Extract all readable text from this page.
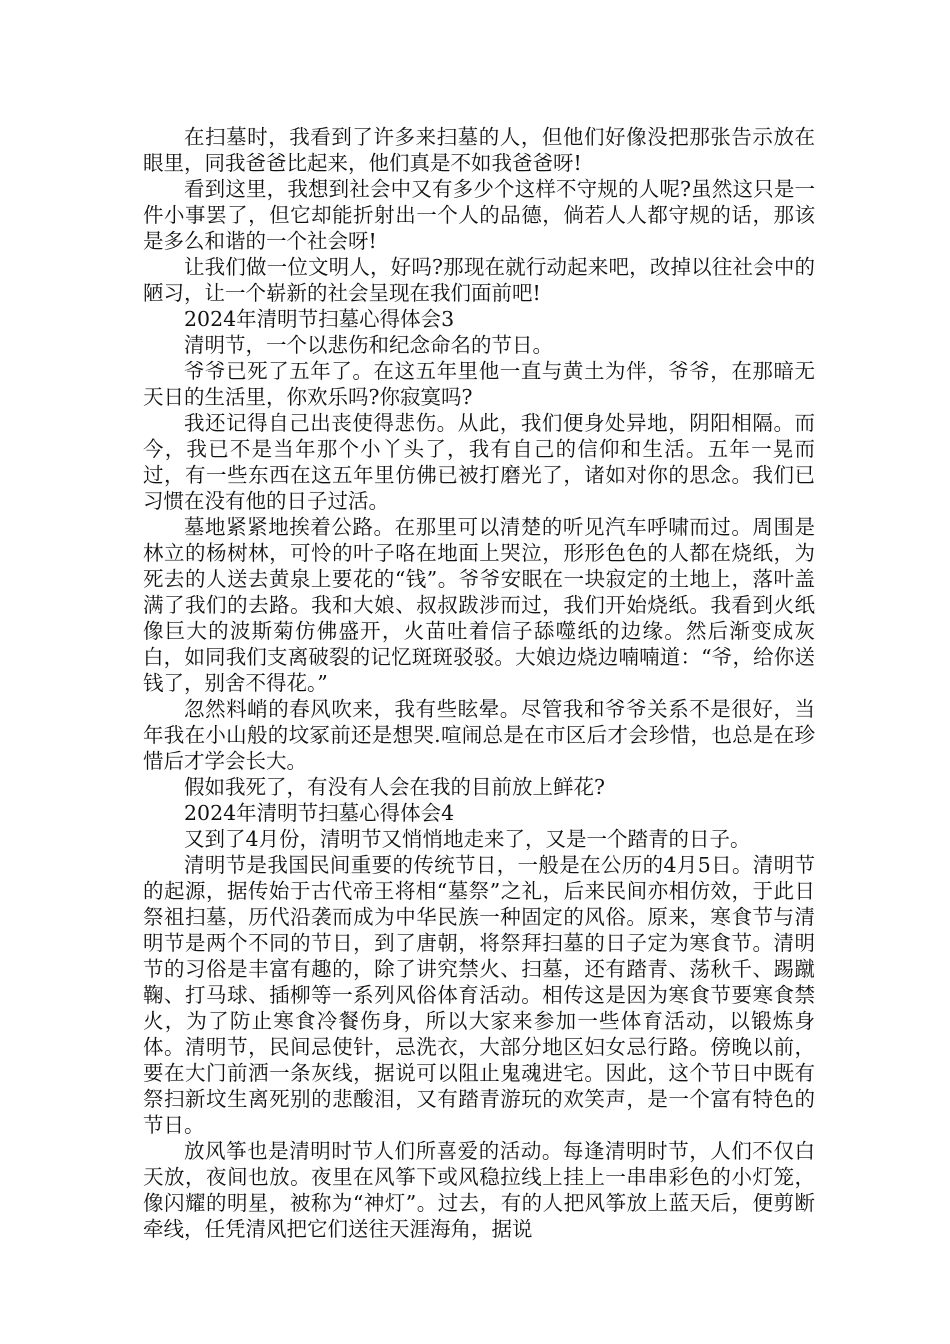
在扫墓时，我看到了许多来扫墓的人，但他们好像没把那张告示放在眼里，同我爸爸比起来，他们真是不如我爸爸呀!

看到这里，我想到社会中又有多少个这样不守规的人呢?虽然这只是一件小事罢了，但它却能折射出一个人的品德，倘若人人都守规的话，那该是多么和谐的一个社会呀!

让我们做一位文明人，好吗?那现在就行动起来吧，改掉以往社会中的陋习，让一个崭新的社会呈现在我们面前吧!

2024年清明节扫墓心得体会3

清明节，一个以悲伤和纪念命名的节日。

爷爷已死了五年了。在这五年里他一直与黄土为伴，爷爷，在那暗无天日的生活里，你欢乐吗?你寂寞吗?

我还记得自己出丧使得悲伤。从此，我们便身处异地，阴阳相隔。而今，我已不是当年那个小丫头了，我有自己的信仰和生活。五年一晃而过，有一些东西在这五年里仿佛已被打磨光了，诸如对你的思念。我们已习惯在没有他的日子过活。

墓地紧紧地挨着公路。在那里可以清楚的听见汽车呼啸而过。周围是林立的杨树林，可怜的叶子咯在地面上哭泣，形形色色的人都在烧纸，为死去的人送去黄泉上要花的“钱”。爷爷安眠在一块寂定的土地上，落叶盖满了我们的去路。我和大娘、叔叔跋涉而过，我们开始烧纸。我看到火纸像巨大的波斯菊仿佛盛开，火苗吐着信子舔噬纸的边缘。然后渐变成灰白，如同我们支离破裂的记忆斑斑驳驳。大娘边烧边喃喃道：“爷，给你送钱了，别舍不得花。”

忽然料峭的春风吹来，我有些眩晕。尽管我和爷爷关系不是很好，当年我在小山般的坟冢前还是想哭.喧闹总是在市区后才会珍惜，也总是在珍惜后才学会长大。

假如我死了，有没有人会在我的目前放上鲜花?

2024年清明节扫墓心得体会4

又到了4月份，清明节又悄悄地走来了，又是一个踏青的日子。

清明节是我国民间重要的传统节日，一般是在公历的4月5日。清明节的起源，据传始于古代帝王将相“墓祭”之礼，后来民间亦相仿效，于此日祭祖扫墓，历代沿袭而成为中华民族一种固定的风俗。原来，寒食节与清明节是两个不同的节日，到了唐朝，将祭拜扫墓的日子定为寒食节。清明节的习俗是丰富有趣的，除了讲究禁火、扫墓，还有踏青、荡秋千、踢蹴鞠、打马球、插柳等一系列风俗体育活动。相传这是因为寒食节要寒食禁火，为了防止寒食冷餐伤身，所以大家来参加一些体育活动，以锻炼身体。清明节，民间忌使针，忌洗衣，大部分地区妇女忌行路。傍晚以前，要在大门前洒一条灰线，据说可以阻止鬼魂进宅。因此，这个节日中既有祭扫新坟生离死别的悲酸泪，又有踏青游玩的欢笑声，是一个富有特色的节日。

放风筝也是清明时节人们所喜爱的活动。每逢清明时节，人们不仅白天放，夜间也放。夜里在风筝下或风稳拉线上挂上一串串彩色的小灯笼，像闪耀的明星，被称为“神灯”。过去，有的人把风筝放上蓝天后，便剪断牵线，任凭清风把它们送往天涯海角，据说
